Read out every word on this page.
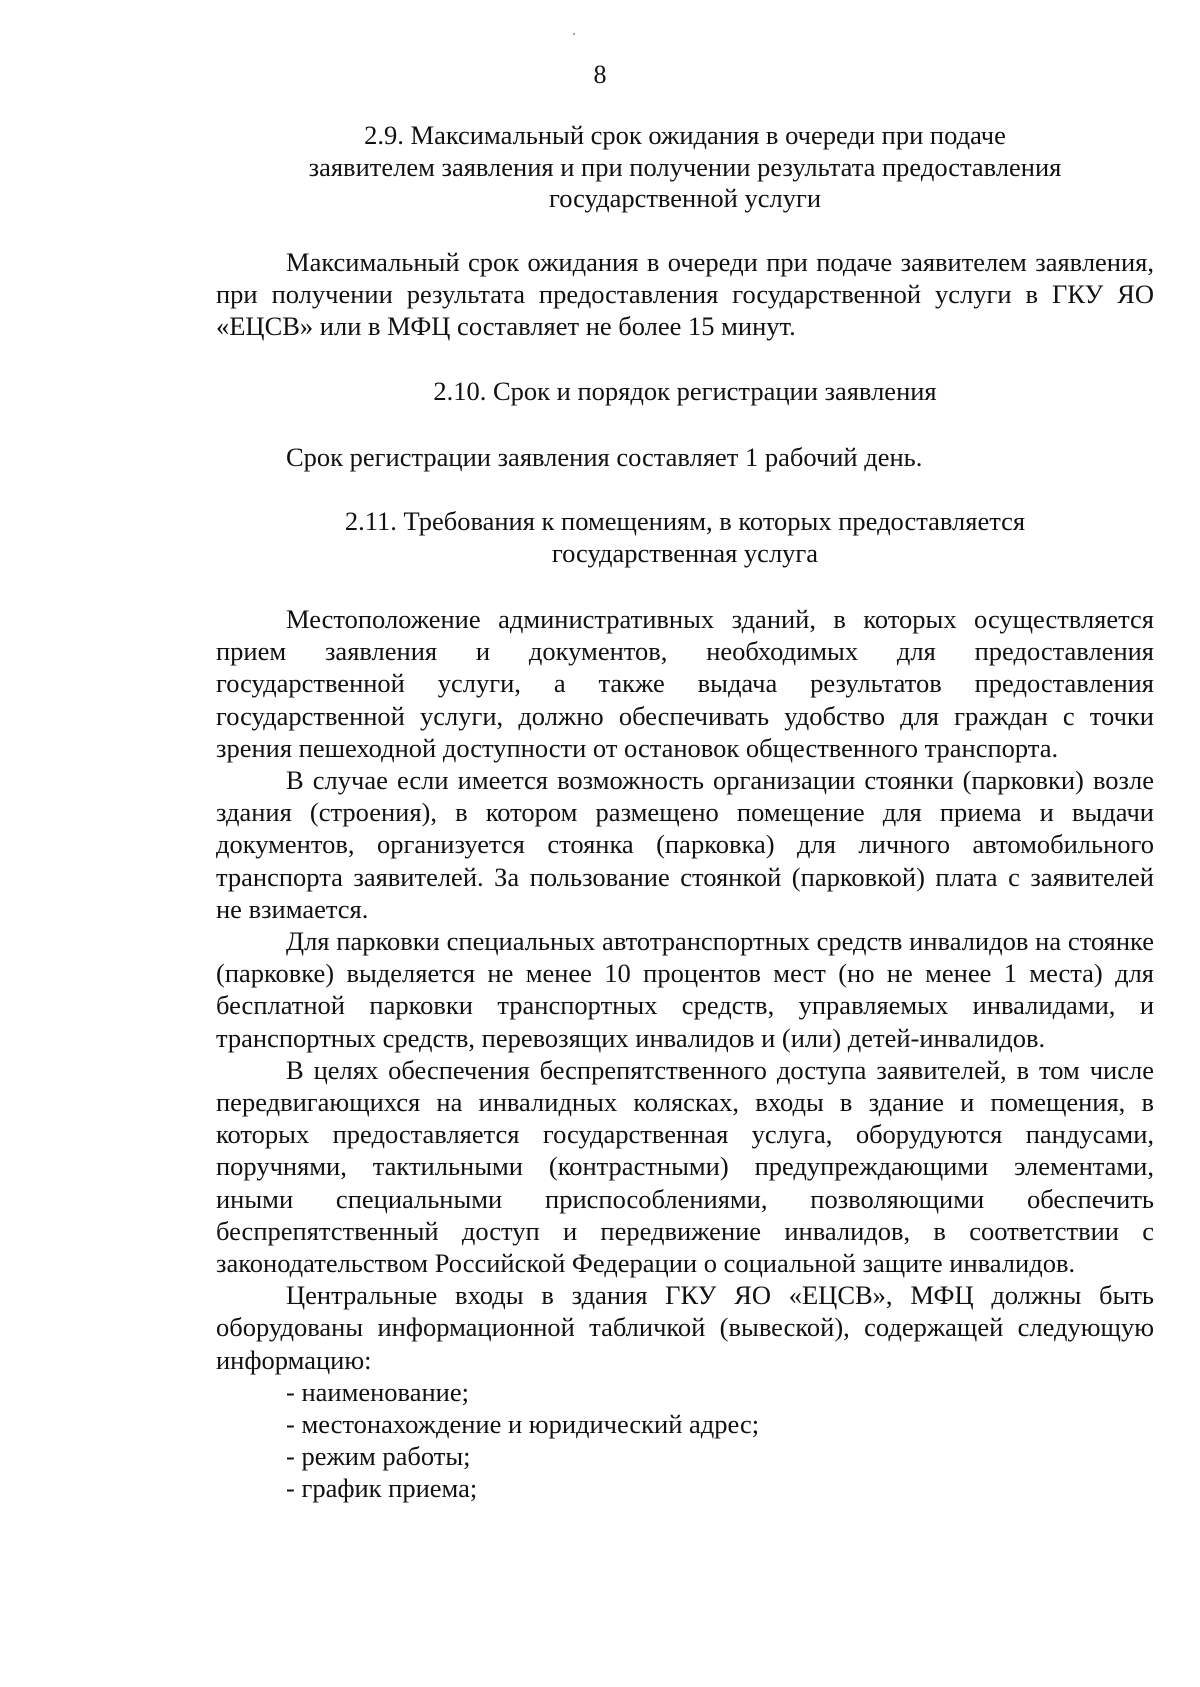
8
2.9. Максимальный срок ожидания в очереди при подаче
заявителем заявления и при получении результата предоставления
государственной услуги

Максимальный срок ожидания в очереди при подаче заявителем заявления, при получении результата предоставления государственной услуги в ГКУ ЯО «ЕЦСВ» или в МФЦ составляет не более 15 минут.

2.10. Срок и порядок регистрации заявления

Срок регистрации заявления составляет 1 рабочий день.

2.11. Требования к помещениям, в которых предоставляется
государственная услуга

Местоположение административных зданий, в которых осуществляется прием заявления и документов, необходимых для предоставления государственной услуги, а также выдача результатов предоставления государственной услуги, должно обеспечивать удобство для граждан с точки зрения пешеходной доступности от остановок общественного транспорта.

В случае если имеется возможность организации стоянки (парковки) возле здания (строения), в котором размещено помещение для приема и выдачи документов, организуется стоянка (парковка) для личного автомобильного транспорта заявителей. За пользование стоянкой (парковкой) плата с заявителей не взимается.

Для парковки специальных автотранспортных средств инвалидов на стоянке (парковке) выделяется не менее 10 процентов мест (но не менее 1 места) для бесплатной парковки транспортных средств, управляемых инвалидами, и транспортных средств, перевозящих инвалидов и (или) детей-инвалидов.

В целях обеспечения беспрепятственного доступа заявителей, в том числе передвигающихся на инвалидных колясках, входы в здание и помещения, в которых предоставляется государственная услуга, оборудуются пандусами, поручнями, тактильными (контрастными) предупреждающими элементами, иными специальными приспособлениями, позволяющими обеспечить беспрепятственный доступ и передвижение инвалидов, в соответствии с законодательством Российской Федерации о социальной защите инвалидов.

Центральные входы в здания ГКУ ЯО «ЕЦСВ», МФЦ должны быть оборудованы информационной табличкой (вывеской), содержащей следующую информацию:

- наименование;

- местонахождение и юридический адрес;

- режим работы;

- график приема;
